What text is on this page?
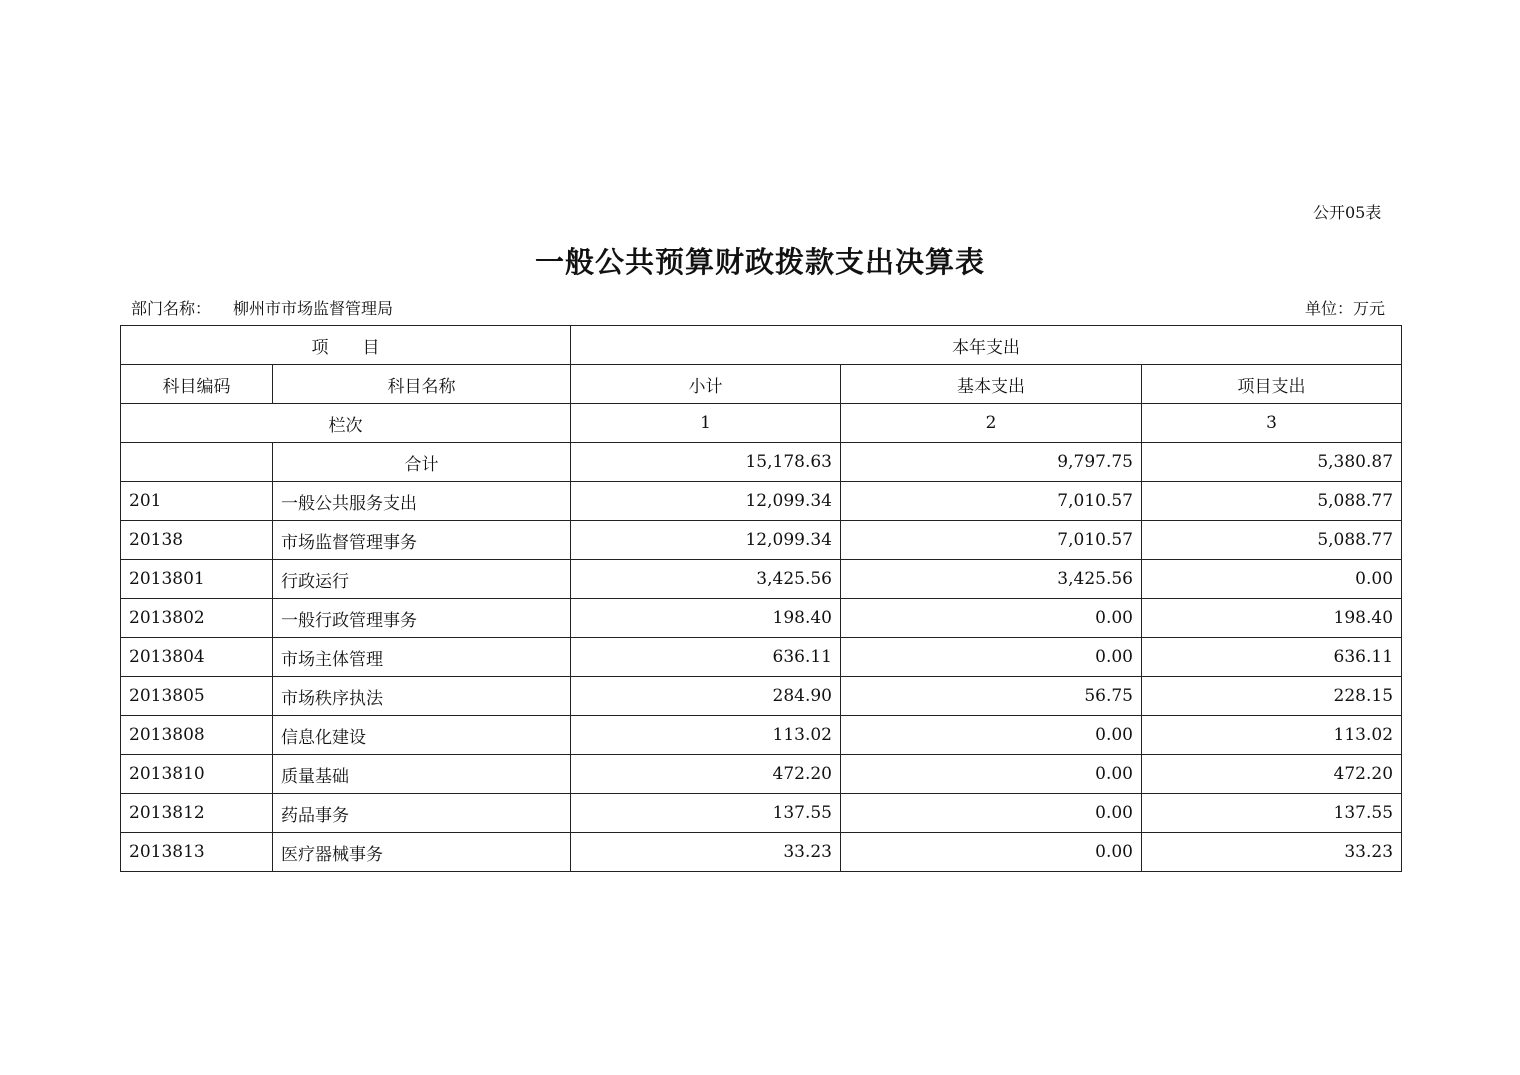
公开05表
一般公共预算财政拨款支出决算表
部门名称： 柳州市市场监督管理局	单位：万元
项　　目		本年支出		
科目编码	科目名称	小计	基本支出	项目支出
栏次		1	2	3
	合计	15,178.63	9,797.75	5,380.87
201	一般公共服务支出	12,099.34	7,010.57	5,088.77
20138	市场监督管理事务	12,099.34	7,010.57	5,088.77
2013801	行政运行	3,425.56	3,425.56	0.00
2013802	一般行政管理事务	198.40	0.00	198.40
2013804	市场主体管理	636.11	0.00	636.11
2013805	市场秩序执法	284.90	56.75	228.15
2013808	信息化建设	113.02	0.00	113.02
2013810	质量基础	472.20	0.00	472.20
2013812	药品事务	137.55	0.00	137.55
2013813	医疗器械事务	33.23	0.00	33.23
